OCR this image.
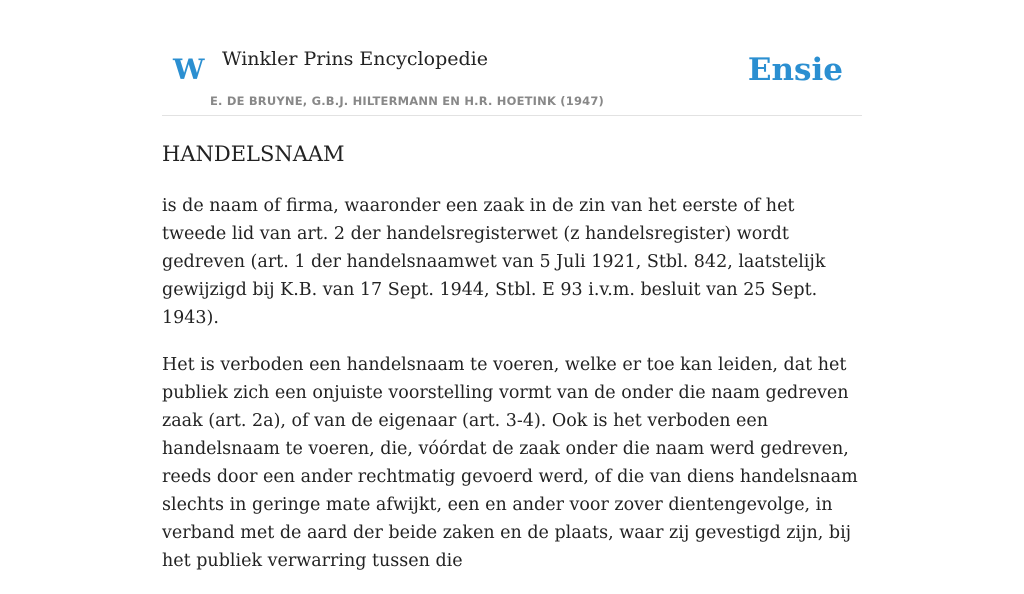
W Winkler Prins Encyclopedie	Ensie
E. DE BRUYNE, G.B.J. HILTERMANN EN H.R. HOETINK (1947)
HANDELSNAAM

is de naam of firma, waaronder een zaak in de zin van het eerste of het tweede lid van art. 2 der handelsregisterwet (z handelsregister) wordt gedreven (art. 1 der handelsnaamwet van 5 Juli 1921, Stbl. 842, laatstelijk gewijzigd bij K.B. van 17 Sept. 1944, Stbl. E 93 i.v.m. besluit van 25 Sept. 1943).

Het is verboden een handelsnaam te voeren, welke er toe kan leiden, dat het publiek zich een onjuiste voorstelling vormt van de onder die naam gedreven zaak (art. 2a), of van de eigenaar (art. 3-4). Ook is het verboden een handelsnaam te voeren, die, vóórdat de zaak onder die naam werd gedreven, reeds door een ander rechtmatig gevoerd werd, of die van diens handelsnaam slechts in geringe mate afwijkt, een en ander voor zover dientengevolge, in verband met de aard der beide zaken en de plaats, waar zij gevestigd zijn, bij het publiek verwarring tussen die
